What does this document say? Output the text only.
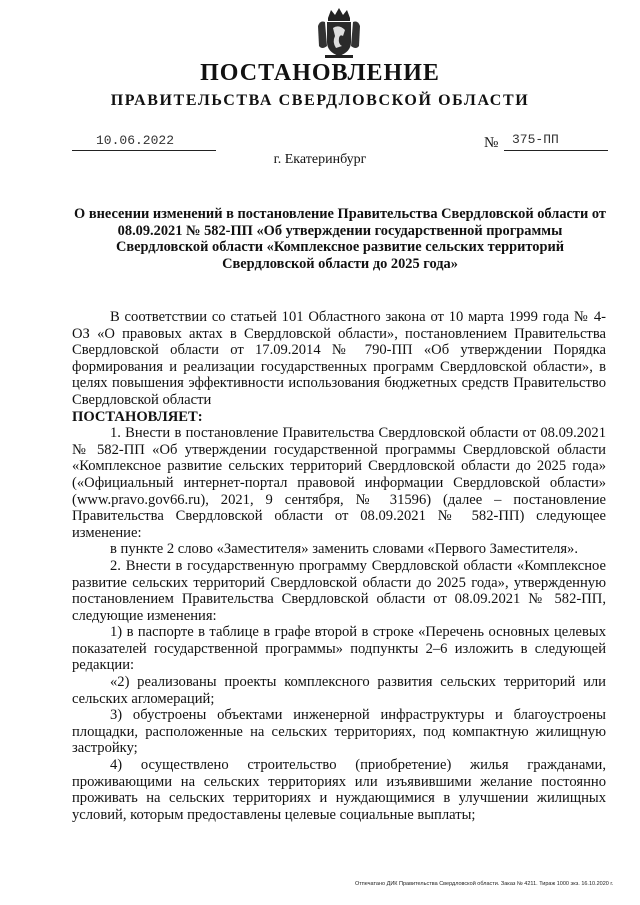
ПОСТАНОВЛЕНИЕ
ПРАВИТЕЛЬСТВА СВЕРДЛОВСКОЙ ОБЛАСТИ
10.06.2022	№	375-ПП
г. Екатеринбург
О внесении изменений в постановление Правительства Свердловской области от 08.09.2021 № 582-ПП «Об утверждении государственной программы Свердловской области «Комплексное развитие сельских территорий Свердловской области до 2025 года»

В соответствии со статьей 101 Областного закона от 10 марта 1999 года № 4-ОЗ «О правовых актах в Свердловской области», постановлением Правительства Свердловской области от 17.09.2014 № 790-ПП «Об утверждении Порядка формирования и реализации государственных программ Свердловской области», в целях повышения эффективности использования бюджетных средств Правительство Свердловской области

ПОСТАНОВЛЯЕТ:

1. Внести в постановление Правительства Свердловской области от 08.09.2021 № 582-ПП «Об утверждении государственной программы Свердловской области «Комплексное развитие сельских территорий Свердловской области до 2025 года» («Официальный интернет-портал правовой информации Свердловской области» (www.pravo.gov66.ru), 2021, 9 сентября, № 31596) (далее – постановление Правительства Свердловской области от 08.09.2021 № 582-ПП) следующее изменение:

в пункте 2 слово «Заместителя» заменить словами «Первого Заместителя».

2. Внести в государственную программу Свердловской области «Комплексное развитие сельских территорий Свердловской области до 2025 года», утвержденную постановлением Правительства Свердловской области от 08.09.2021 № 582-ПП, следующие изменения:

1) в паспорте в таблице в графе второй в строке «Перечень основных целевых показателей государственной программы» подпункты 2–6 изложить в следующей редакции:

«2) реализованы проекты комплексного развития сельских территорий или сельских агломераций;

3) обустроены объектами инженерной инфраструктуры и благоустроены площадки, расположенные на сельских территориях, под компактную жилищную застройку;

4) осуществлено строительство (приобретение) жилья гражданами, проживающими на сельских территориях или изъявившими желание постоянно проживать на сельских территориях и нуждающимися в улучшении жилищных условий, которым предоставлены целевые социальные выплаты;

Отпечатано ДИК Правительства Свердловской области. Заказ № 4211. Тираж 1000 экз. 16.10.2020 г.
